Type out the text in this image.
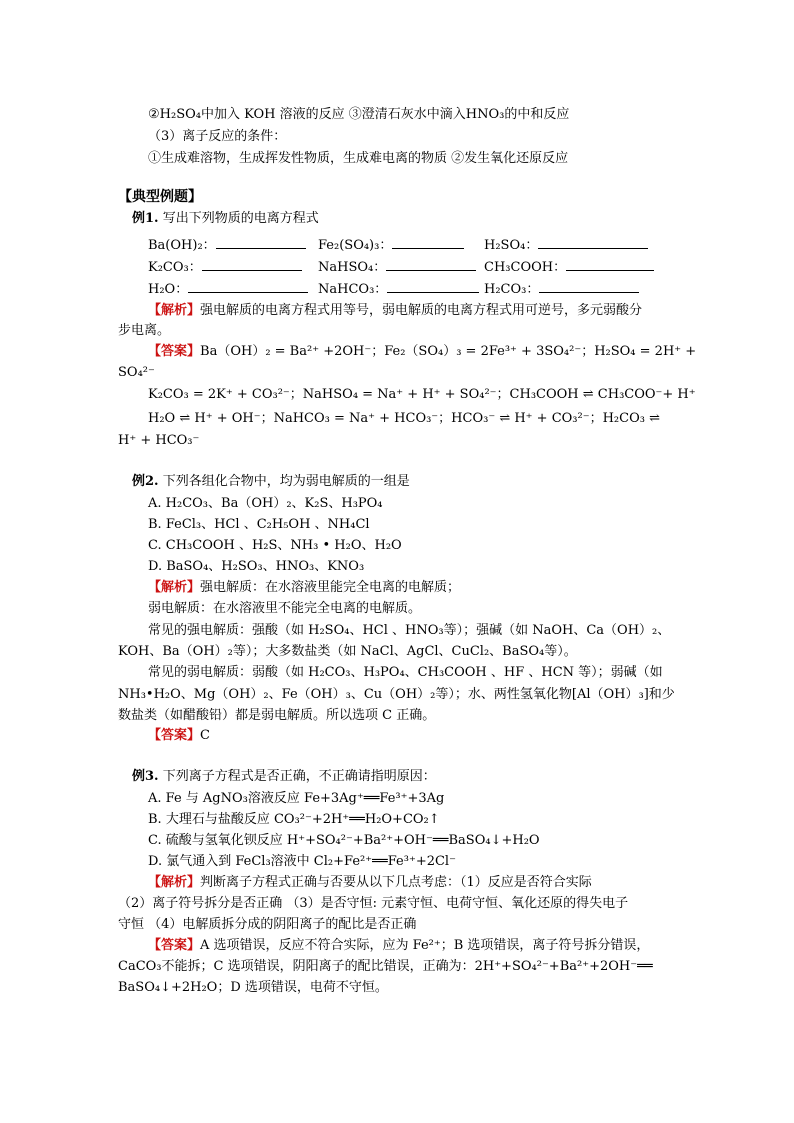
②H₂SO₄中加入 KOH 溶液的反应 ③澄清石灰水中滴入HNO₃的中和反应
（3）离子反应的条件：
①生成难溶物，生成挥发性物质，生成难电离的物质 ②发生氧化还原反应
【典型例题】
例1. 写出下列物质的电离方程式
Ba(OH)₂：	Fe₂(SO₄)₃：	H₂SO₄：
K₂CO₃：	NaHSO₄：	CH₃COOH：
H₂O：	NaHCO₃：	H₂CO₃：
【解析】强电解质的电离方程式用等号，弱电解质的电离方程式用可逆号，多元弱酸分
步电离。
【答案】Ba（OH）₂ = Ba²⁺ +2OH⁻；Fe₂（SO₄）₃ = 2Fe³⁺ + 3SO₄²⁻；H₂SO₄ = 2H⁺ +
SO₄²⁻
K₂CO₃ = 2K⁺ + CO₃²⁻；NaHSO₄ = Na⁺ + H⁺ + SO₄²⁻；CH₃COOH ⇌ CH₃COO⁻+ H⁺
H₂O ⇌ H⁺ + OH⁻；NaHCO₃ = Na⁺ + HCO₃⁻；HCO₃⁻ ⇌ H⁺ + CO₃²⁻；H₂CO₃ ⇌
H⁺ + HCO₃⁻
例2. 下列各组化合物中，均为弱电解质的一组是
A. H₂CO₃、Ba（OH）₂、K₂S、H₃PO₄
B. FeCl₃、HCl 、C₂H₅OH 、NH₄Cl
C. CH₃COOH 、H₂S、NH₃ • H₂O、H₂O
D. BaSO₄、H₂SO₃、HNO₃、KNO₃
【解析】强电解质：在水溶液里能完全电离的电解质；
弱电解质：在水溶液里不能完全电离的电解质。
常见的强电解质：强酸（如 H₂SO₄、HCl 、HNO₃等）；强碱（如 NaOH、Ca（OH）₂、
KOH、Ba（OH）₂等）；大多数盐类（如 NaCl、AgCl、CuCl₂、BaSO₄等）。
常见的弱电解质：弱酸（如 H₂CO₃、H₃PO₄、CH₃COOH 、HF 、HCN 等）；弱碱（如
NH₃•H₂O、Mg（OH）₂、Fe（OH）₃、Cu（OH）₂等）；水、两性氢氧化物[Al（OH）₃]和少
数盐类（如醋酸铅）都是弱电解质。所以选项 C 正确。
【答案】C
例3. 下列离子方程式是否正确，不正确请指明原因：
A. Fe 与 AgNO₃溶液反应 Fe+3Ag⁺══Fe³⁺+3Ag
B. 大理石与盐酸反应 CO₃²⁻+2H⁺══H₂O+CO₂↑
C. 硫酸与氢氧化钡反应 H⁺+SO₄²⁻+Ba²⁺+OH⁻══BaSO₄↓+H₂O
D. 氯气通入到 FeCl₃溶液中 Cl₂+Fe²⁺══Fe³⁺+2Cl⁻
【解析】判断离子方程式正确与否要从以下几点考虑：（1）反应是否符合实际
（2）离子符号拆分是否正确 （3）是否守恒: 元素守恒、电荷守恒、氧化还原的得失电子
守恒 （4）电解质拆分成的阴阳离子的配比是否正确
【答案】A 选项错误，反应不符合实际，应为 Fe²⁺；B 选项错误，离子符号拆分错误，
CaCO₃不能拆；C 选项错误，阴阳离子的配比错误，正确为：2H⁺+SO₄²⁻+Ba²⁺+2OH⁻══
BaSO₄↓+2H₂O；D 选项错误，电荷不守恒。
